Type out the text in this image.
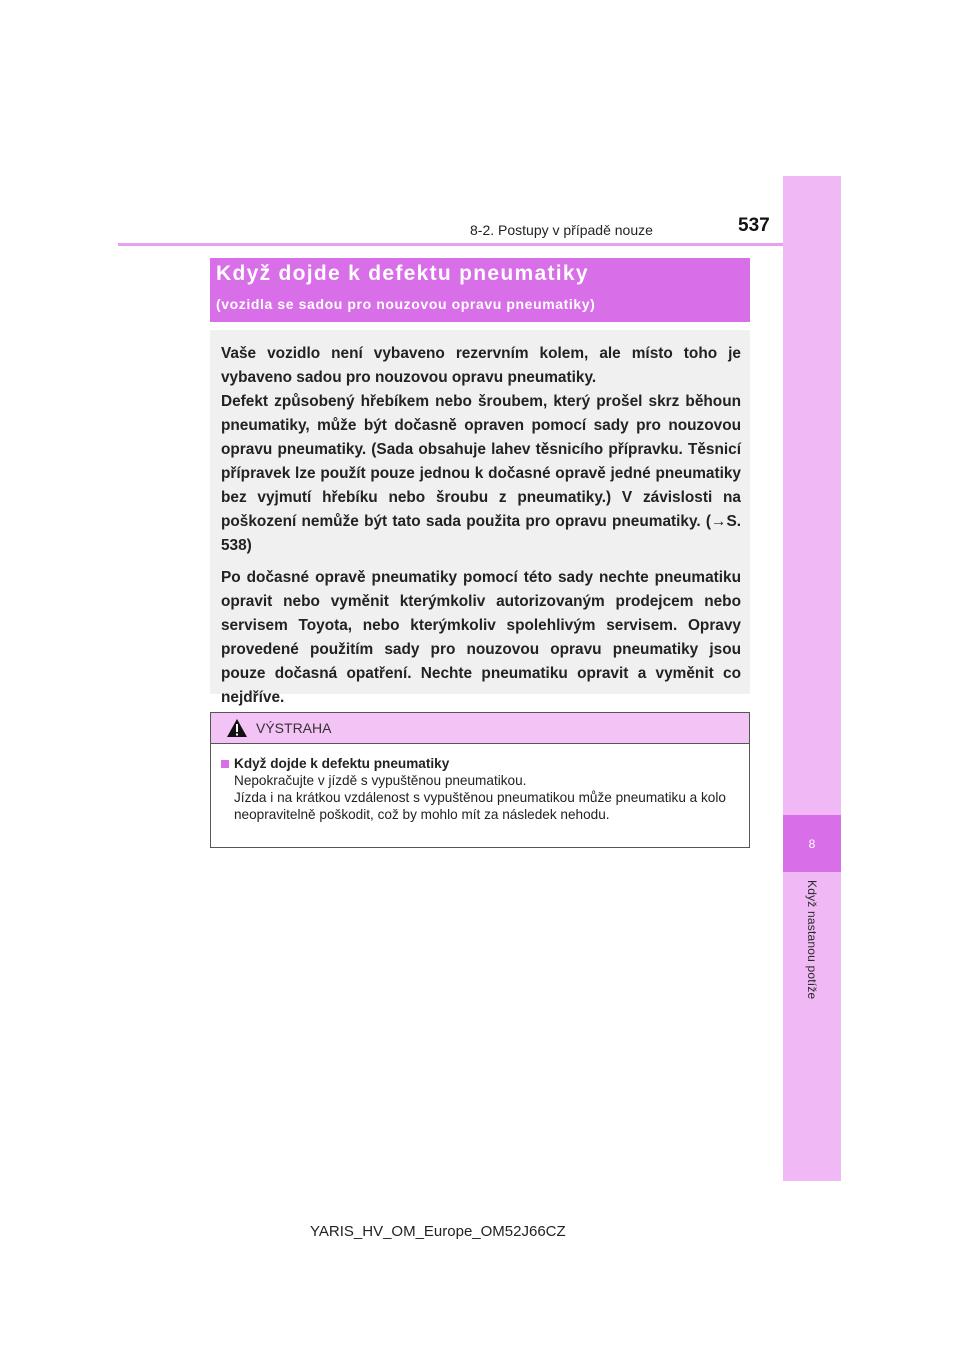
8
Když nastanou potíže
8-2. Postupy v případě nouze	537
Když dojde k defektu pneumatiky
(vozidla se sadou pro nouzovou opravu pneumatiky)

Vaše vozidlo není vybaveno rezervním kolem, ale místo toho je vybaveno sadou pro nouzovou opravu pneumatiky.

Defekt způsobený hřebíkem nebo šroubem, který prošel skrz běhoun pneumatiky, může být dočasně opraven pomocí sady pro nouzovou opravu pneumatiky. (Sada obsahuje lahev těsnicího přípravku. Těsnicí přípravek lze použít pouze jednou k dočasné opravě jedné pneumatiky bez vyjmutí hřebíku nebo šroubu z pneumatiky.) V závislosti na poškození nemůže být tato sada použita pro opravu pneumatiky. (→S. 538)

Po dočasné opravě pneumatiky pomocí této sady nechte pneumatiku opravit nebo vyměnit kterýmkoliv autorizovaným prodejcem nebo servisem Toyota, nebo kterýmkoliv spolehlivým servisem. Opravy provedené použitím sady pro nouzovou opravu pneumatiky jsou pouze dočasná opatření. Nechte pneumatiku opravit a vyměnit co nejdříve.

VÝSTRAHA
Když dojde k defektu pneumatiky
Nepokračujte v jízdě s vypuštěnou pneumatikou.
Jízda i na krátkou vzdálenost s vypuštěnou pneumatikou může pneumatiku a kolo neopravitelně poškodit, což by mohlo mít za následek nehodu.
YARIS_HV_OM_Europe_OM52J66CZ
